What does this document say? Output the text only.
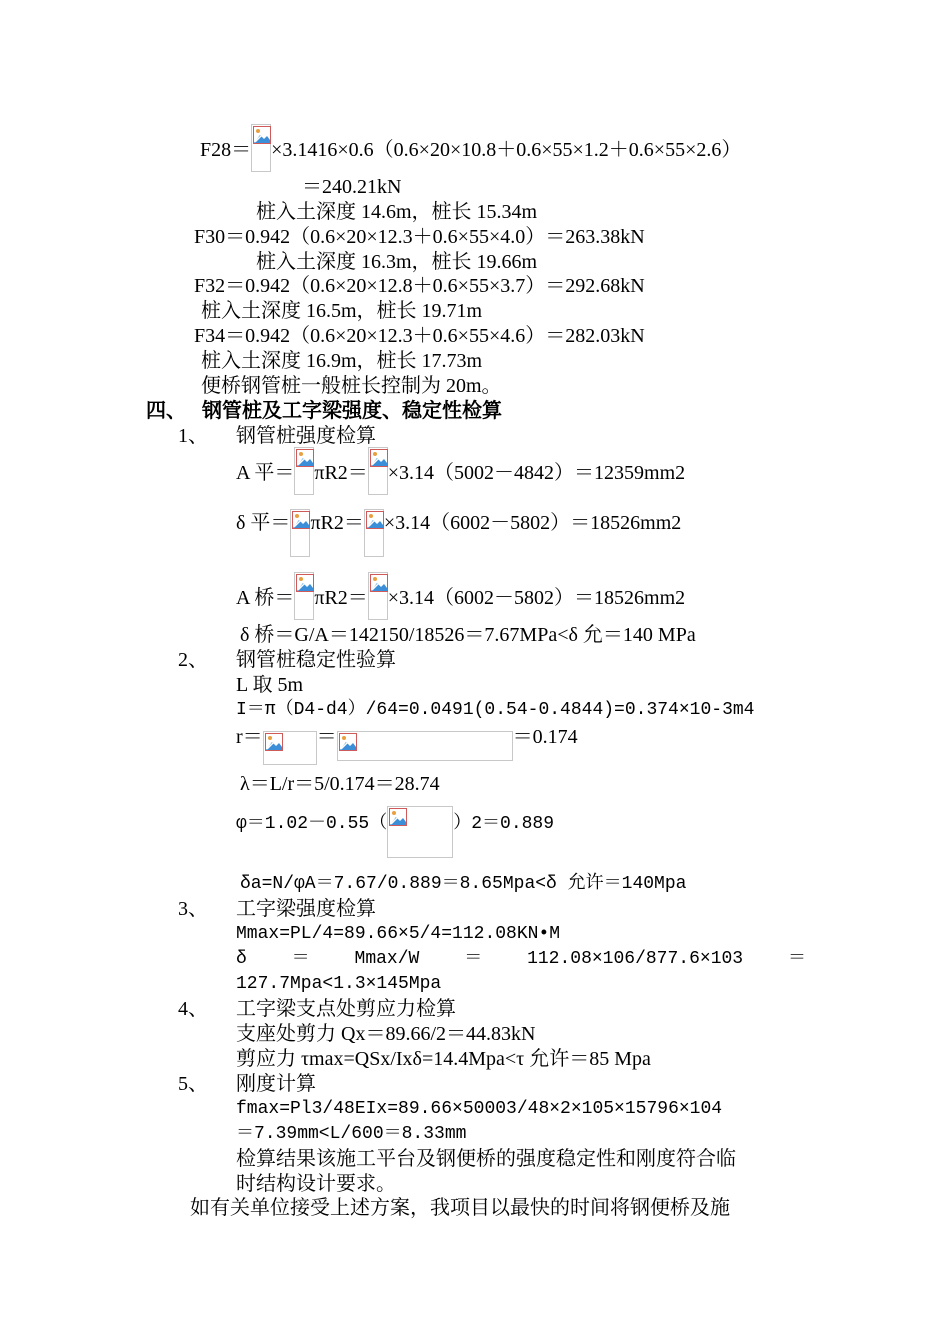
F28＝ ×3.1416×0.6（0.6×20×10.8＋0.6×55×1.2＋0.6×55×2.6）
＝240.21kN
桩入土深度 14.6m，桩长 15.34m
F30＝0.942（0.6×20×12.3＋0.6×55×4.0）＝263.38kN
桩入土深度 16.3m，桩长 19.66m
F32＝0.942（0.6×20×12.8＋0.6×55×3.7）＝292.68kN
桩入土深度 16.5m，桩长 19.71m
F34＝0.942（0.6×20×12.3＋0.6×55×4.6）＝282.03kN
桩入土深度 16.9m，桩长 17.73m
便桥钢管桩一般桩长控制为 20m。
四、 钢管桩及工字梁强度、稳定性检算
1、 钢管桩强度检算
A 平＝ πR2＝ ×3.14（5002－4842）＝12359mm2
δ 平＝ πR2＝ ×3.14（6002－5802）＝18526mm2
A 桥＝ πR2＝ ×3.14（6002－5802）＝18526mm2
δ 桥＝G/A＝142150/18526＝7.67MPa<δ 允＝140 MPa
2、 钢管桩稳定性验算
L 取 5m
I＝π（D4-d4）/64=0.0491(0.54-0.4844)=0.374×10-3m4
r＝	＝	＝0.174
λ＝L/r＝5/0.174＝28.74
φ＝1.02－0.55（	）2＝0.889
δa=N/φA＝7.67/0.889＝8.65Mpa<δ 允许＝140Mpa
3、 工字梁强度检算
Mmax=PL/4=89.66×5/4=112.08KN•M
δ ＝ Mmax/W ＝ 112.08×106/877.6×103 ＝
127.7Mpa<1.3×145Mpa
4、 工字梁支点处剪应力检算
支座处剪力 Qx＝89.66/2＝44.83kN
剪应力 τmax=QSx/Ixδ=14.4Mpa<τ 允许＝85 Mpa
5、 刚度计算
fmax=Pl3/48EIx=89.66×50003/48×2×105×15796×104
＝7.39mm<L/600＝8.33mm
检算结果该施工平台及钢便桥的强度稳定性和刚度符合临
时结构设计要求。
如有关单位接受上述方案，我项目以最快的时间将钢便桥及施
